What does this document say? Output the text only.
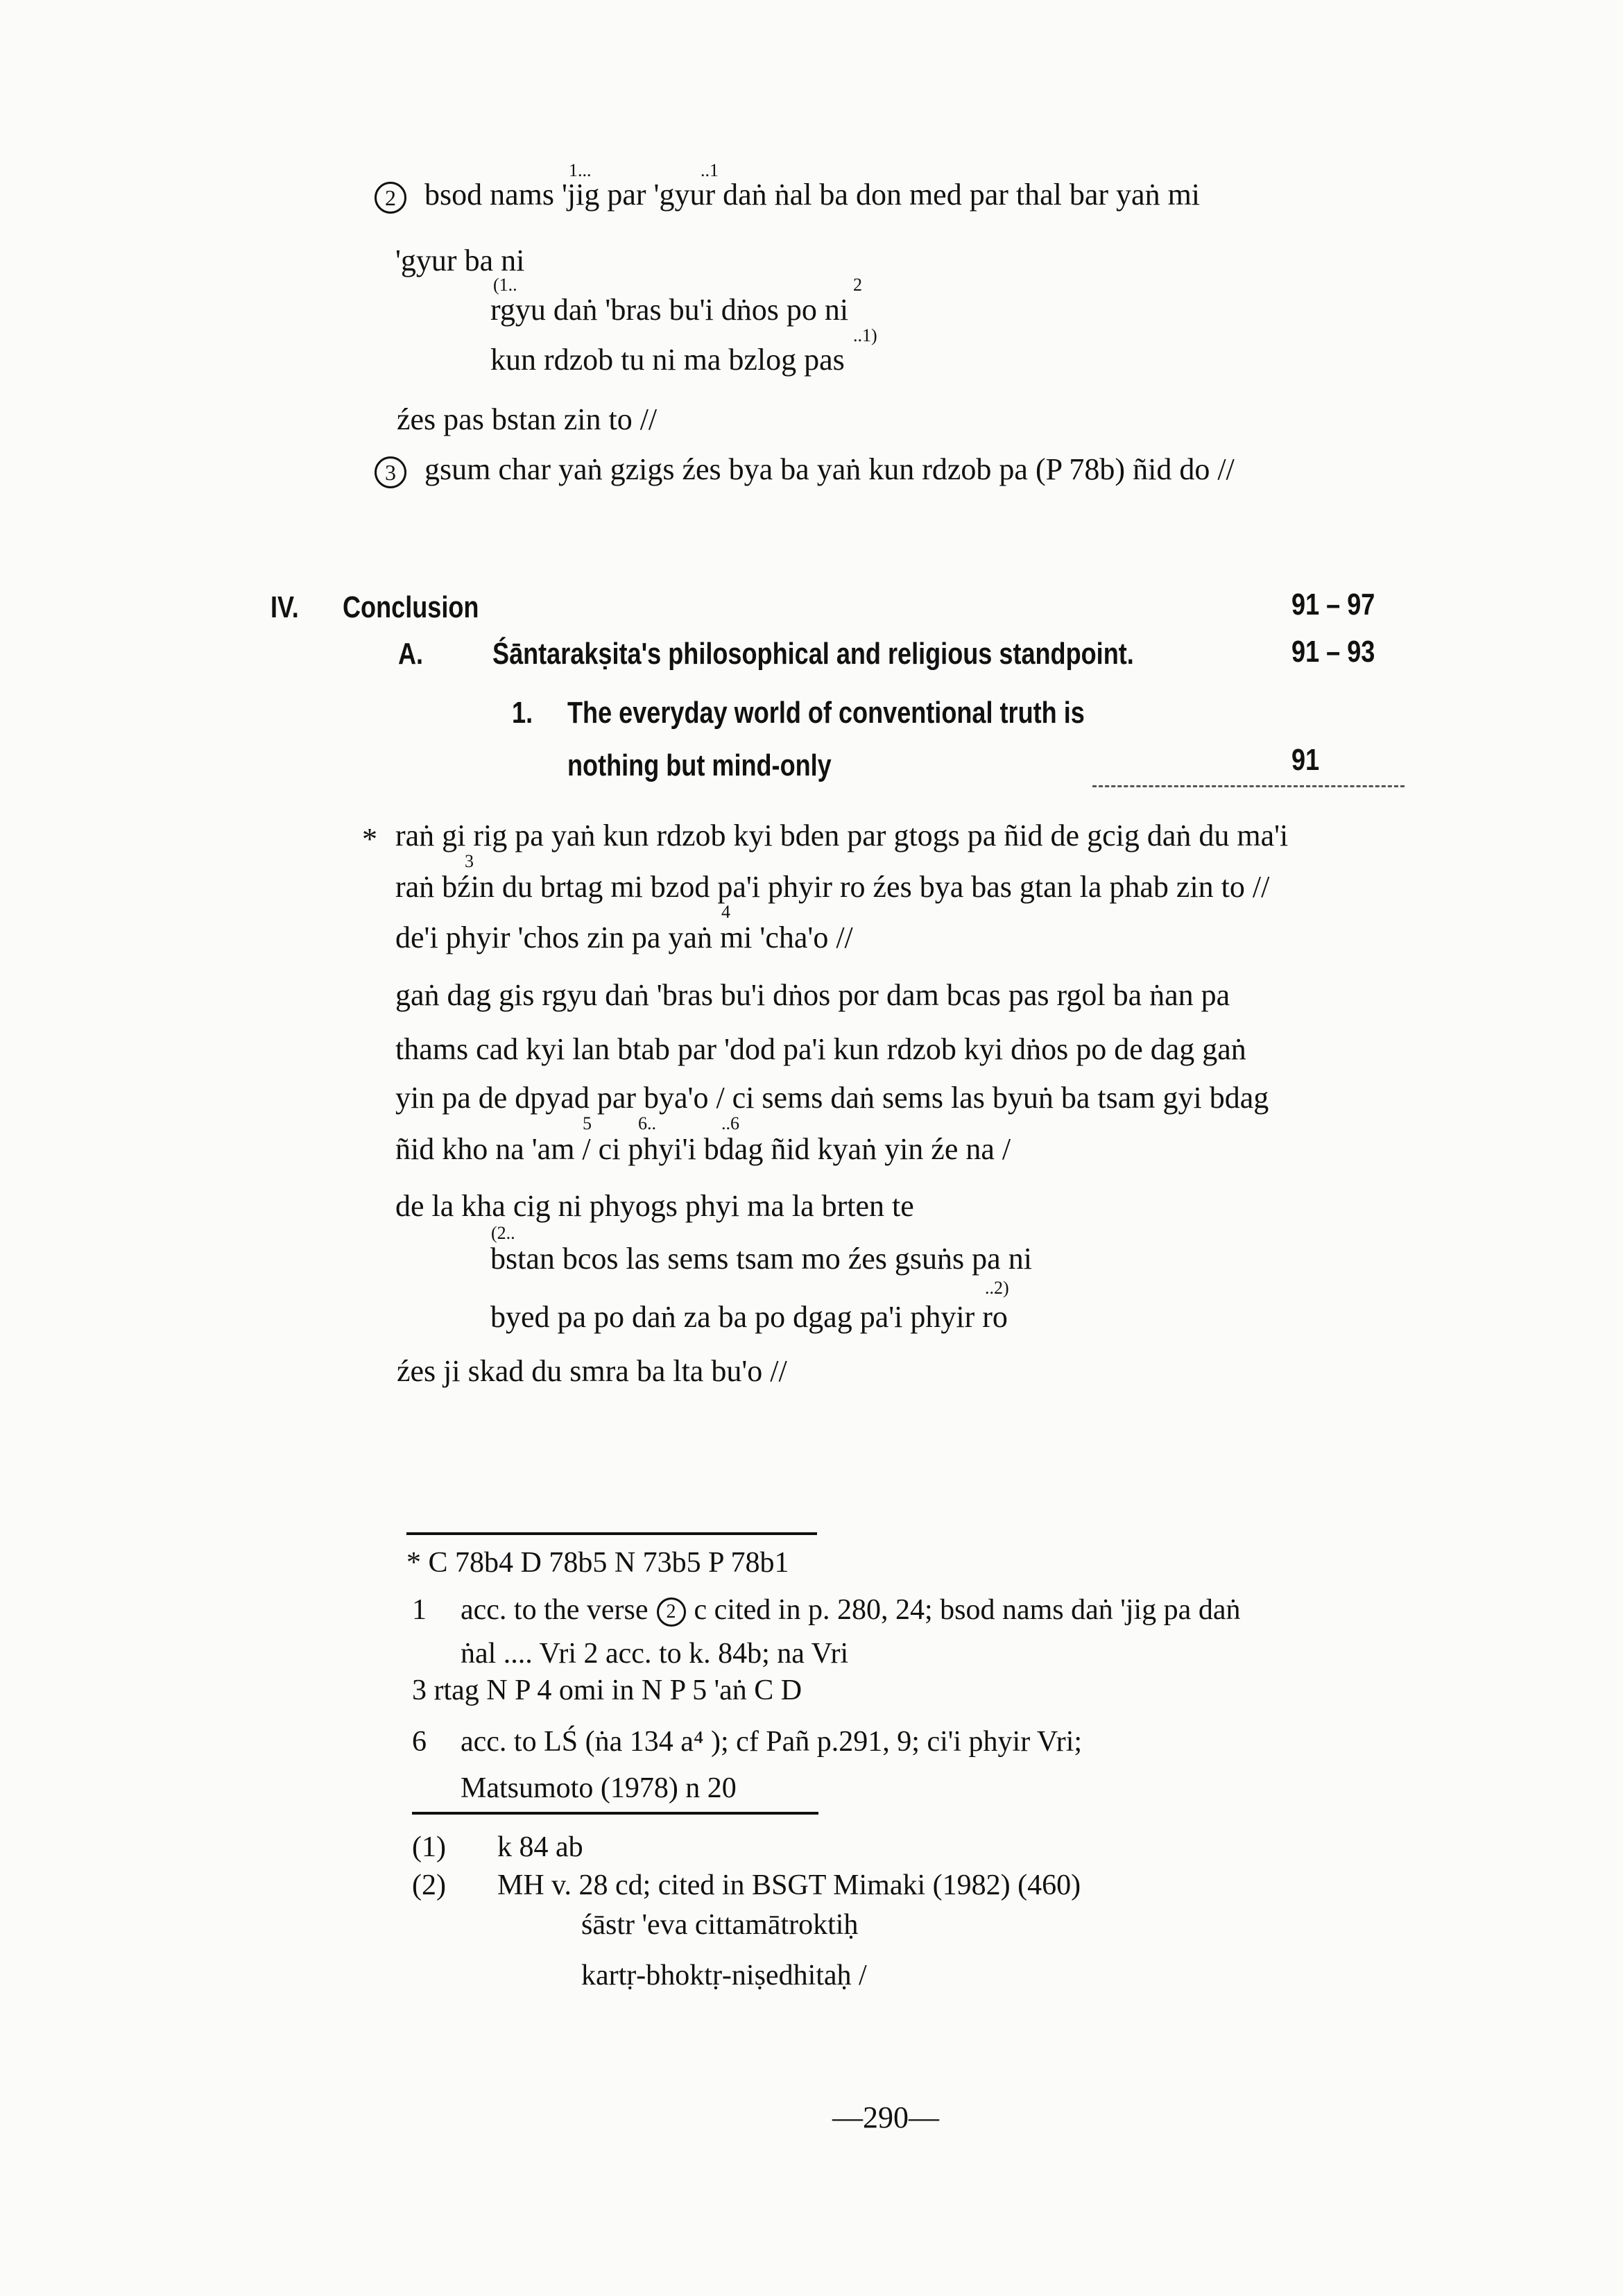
1...	..1
2 bsod nams 'jig par 'gyur daṅ ṅal ba don med par thal bar yaṅ mi
'gyur ba ni
(1..	2
rgyu daṅ 'bras bu'i dṅos po ni
..1)
kun rdzob tu ni ma bzlog pas
źes pas bstan zin to //
3 gsum char yaṅ gzigs źes bya ba yaṅ kun rdzob pa (P 78b) ñid do //
IV. Conclusion	91 – 97
A. Śāntarakṣita's philosophical and religious standpoint.	91 – 93
1. The everyday world of conventional truth is
nothing but mind-only	91
* raṅ gi rig pa yaṅ kun rdzob kyi bden par gtogs pa ñid de gcig daṅ du ma'i
3
raṅ bźin du brtag mi bzod pa'i phyir ro źes bya bas gtan la phab zin to //
4
de'i phyir 'chos zin pa yaṅ mi 'cha'o //
gaṅ dag gis rgyu daṅ 'bras bu'i dṅos por dam bcas pas rgol ba ṅan pa
thams cad kyi lan btab par 'dod pa'i kun rdzob kyi dṅos po de dag gaṅ
yin pa de dpyad par bya'o / ci sems daṅ sems las byuṅ ba tsam gyi bdag
5	6..	..6
ñid kho na 'am / ci phyi'i bdag ñid kyaṅ yin źe na /
de la kha cig ni phyogs phyi ma la brten te
(2..
bstan bcos las sems tsam mo źes gsuṅs pa ni
..2)
byed pa po daṅ za ba po dgag pa'i phyir ro
źes ji skad du smra ba lta bu'o //
* C 78b4 D 78b5 N 73b5 P 78b1
1 acc. to the verse 2 c cited in p. 280, 24; bsod nams daṅ 'jig pa daṅ
ṅal .... Vri 2 acc. to k. 84b; na Vri
3 rtag N P 4 omi in N P 5 'aṅ C D
6 acc. to LŚ (ṅa 134 a⁴ ); cf Pañ p.291, 9; ci'i phyir Vri;
Matsumoto (1978) n 20
(1) k 84 ab
(2) MH v. 28 cd; cited in BSGT Mimaki (1982) (460)
śāstr 'eva cittamātroktiḥ
kartṛ-bhoktṛ-niṣedhitaḥ /
—290—
